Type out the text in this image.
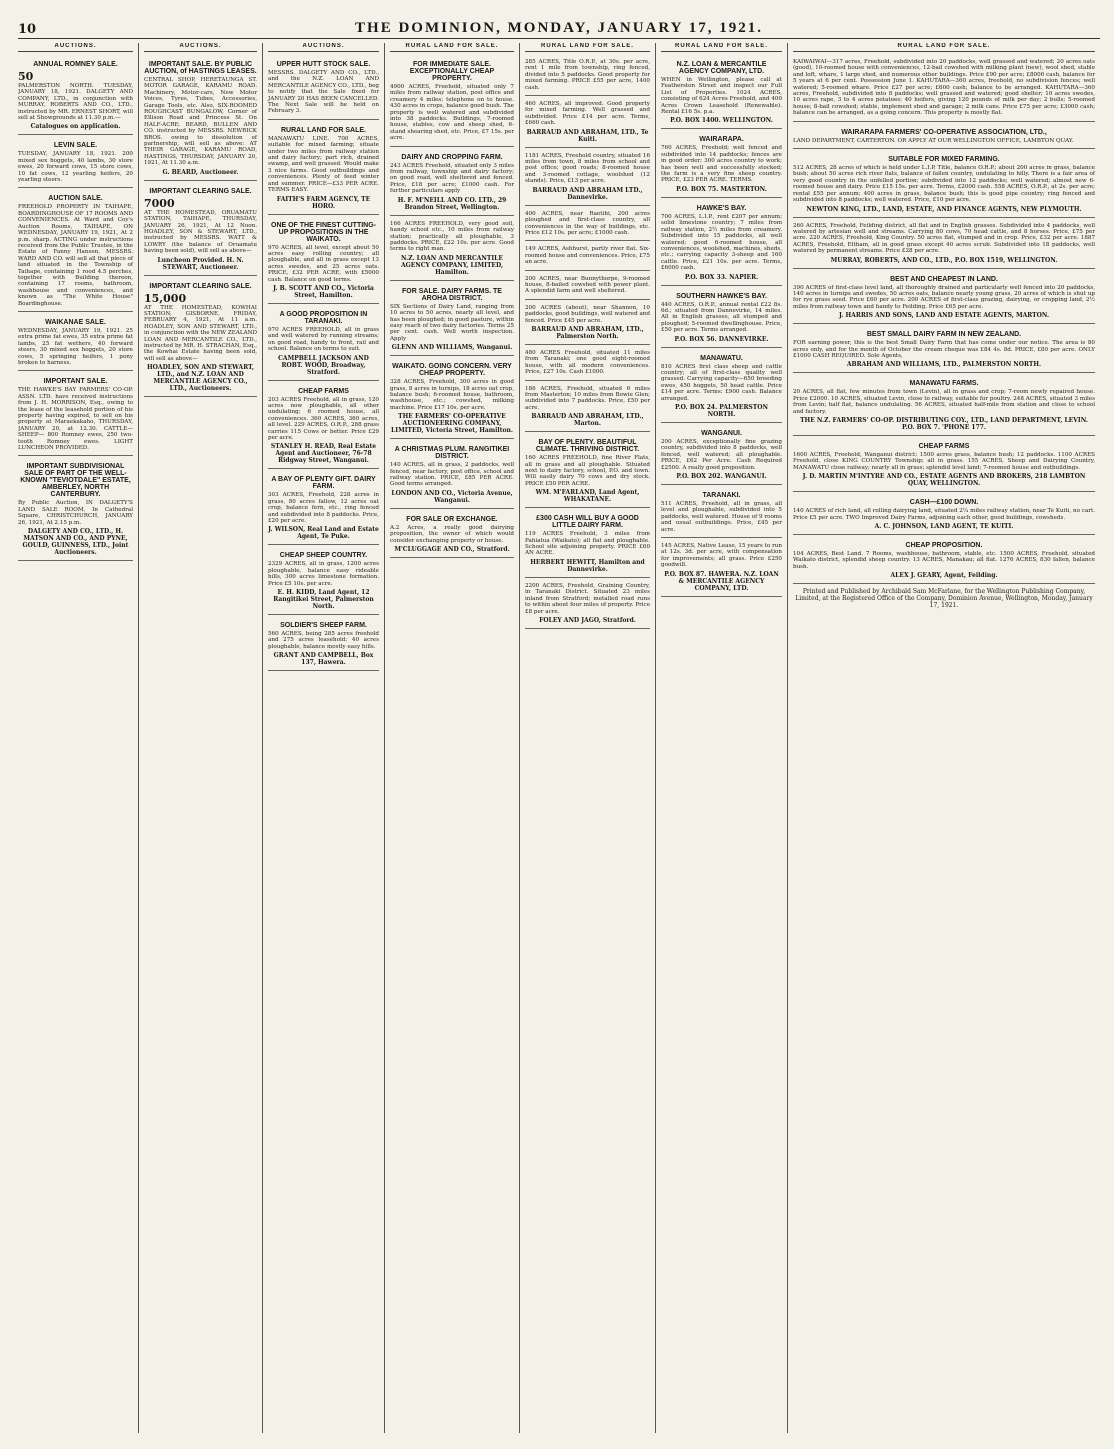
10	THE DOMINION, MONDAY, JANUARY 17, 1921.
AUCTIONS.
ANNUAL ROMNEY SALE.
50
PALMERSTON NORTH. TUESDAY, JANUARY 18, 1921. DALGETY AND COMPANY, LTD., in conjunction with MURRAY, ROBERTS AND CO., LTD., instructed by MR. ERNEST SHORT, will sell at Showgrounds at 11.30 p.m.—
Catalogues on application.
LEVIN SALE.
TUESDAY, JANUARY 18, 1921. 200 mixed sex hoggets, 40 lambs, 30 store ewes, 20 forward cows, 15 store cows, 10 fat cows, 12 yearling heifers, 20 yearling steers.
AUCTION SALE.
FREEHOLD PROPERTY IN TAIHAPE, BOARDINGHOUSE OF 17 ROOMS AND CONVENIENCES. At Ward and Coy's Auction Rooms, TAIHAPE, ON WEDNESDAY, JANUARY 19, 1921, At 2 p.m. sharp. ACTING under instructions received from the Public Trustee, in the Estate of Fanny Hansen, MESSRS. WARD AND CO. will sell all that piece of land situated in the Township of Taihape, containing 1 rood 4.5 perches, together with Building thereon, containing 17 rooms, bathroom, washhouse and conveniences, and known as "The White House" Boardinghouse.
WAIKANAE SALE.
WEDNESDAY, JANUARY 19, 1921. 25 extra prime fat ewes, 35 extra prime fat lambs, 25 fat wethers, 40 forward steers, 30 mixed sex hoggets, 20 store cows, 5 springing heifers, 1 pony broken to harness.
IMPORTANT SALE.
THE HAWKE'S BAY FARMERS' CO-OP. ASSN. LTD. have received instructions from J. H. MORRISON, Esq., owing to the lease of the leasehold portion of his property having expired, to sell on his property at Maraekakaho, THURSDAY, JANUARY 20, at 12.30. CATTLE— SHEEP— 800 Romney ewes, 250 two-tooth Romney ewes. LIGHT LUNCHEON PROVIDED.
IMPORTANT SUBDIVISIONAL SALE OF PART OF THE WELL-KNOWN "TEVIOTDALE" ESTATE, AMBERLEY, NORTH CANTERBURY.
By Public Auction, IN DALGETY'S LAND SALE ROOM, In Cathedral Square, CHRISTCHURCH, JANUARY 26, 1921, At 2.15 p.m.
DALGETY AND CO., LTD., H. MATSON AND CO., AND PYNE, GOULD, GUINNESS, LTD., Joint Auctioneers.
AUCTIONS.
IMPORTANT SALE. BY PUBLIC AUCTION, of HASTINGS LEASES.
CENTRAL SHOP, HERETAUNGA ST. MOTOR GARAGE, KARAMU ROAD. Machinery, Motor-cars, New Motor Voices, Tyres, Tubes, Accessories, Garage Tools, etc. Also, SIX-ROOMED ROUGHCAST BUNGALOW, Corner of Ellison Road and Princess St. On HALF-ACRE. BEARD, BULLEN AND CO. instructed by MESSRS. NEWRICK BROS. owing to dissolution of partnership, will sell as above: AT THEIR GARAGE, KARAMU ROAD, HASTINGS, THURSDAY, JANUARY 20, 1921, At 11.30 a.m.
G. BEARD, Auctioneer.
IMPORTANT CLEARING SALE.
7000
AT THE HOMESTEAD, ORUAMATU STATION, TAIHAPE, THURSDAY, JANUARY 26, 1921, At 12 Noon. HOADLEY, SON & STEWART, LTD., instructed by MESSRS. WATT & LOWRY (the balance of Oruamatu having been sold), will sell as above—
Luncheon Provided. H. N. STEWART, Auctioneer.
IMPORTANT CLEARING SALE.
15,000
AT THE HOMESTEAD, KOWHAI STATION, GISBORNE. FRIDAY, FEBRUARY 4, 1921, At 11 a.m. HOADLEY, SON AND STEWART, LTD., in conjunction with the NEW ZEALAND LOAN AND MERCANTILE CO., LTD., instructed by MR. H. STRACHAN, Esq., the Kowhai Estate having been sold, will sell as above—
HOADLEY, SON AND STEWART, LTD., and N.Z. LOAN AND MERCANTILE AGENCY CO., LTD., Auctioneers.
AUCTIONS.
UPPER HUTT STOCK SALE.
MESSRS. DALGETY AND CO., LTD., and the N.Z. LOAN AND MERCANTILE AGENCY CO., LTD., beg to notify that the Sale fixed for JANUARY 20 HAS BEEN CANCELLED. The Next Sale will be held on February 3.
RURAL LAND FOR SALE.
MANAWATU LINE. 700 ACRES, suitable for mixed farming; situate under two miles from railway station and dairy factory; part rich, drained swamp, and well grassed. Would make 3 nice farms. Good outbuildings and conveniences. Plenty of feed winter and summer. PRICE—£33 PER ACRE. TERMS EASY.
FAITH'S FARM AGENCY, TE HORO.
ONE OF THE FINEST CUTTING-UP PROPOSITIONS IN THE WAIKATO.
970 ACRES, all level, except about 50 acres easy rolling country; all ploughable, and all in grass except 13 acres swedes, and 25 acres oats. PRICE, £32 PER ACRE, with £5000 cash. Balance on good terms.
J. B. SCOTT AND CO., Victoria Street, Hamilton.
A GOOD PROPOSITION IN TARANAKI.
970 ACRES FREEHOLD, all in grass and well watered by running streams; on good road, handy to front, rail and school. Balance on terms to suit.
CAMPBELL JACKSON AND ROBT. WOOD, Broadway, Stratford.
CHEAP FARMS
203 ACRES Freehold, all in grass, 120 acres now ploughable, all other undulating; 6 roomed house, all conveniences. 360 ACRES, 360 acres, all level. 229 ACRES, O.R.P., 288 grass carries 115 Cows or better. Price £29 per acre.
STANLEY H. READ, Real Estate Agent and Auctioneer, 76-78 Ridgway Street, Wanganui.
A BAY OF PLENTY GIFT. DAIRY FARM.
303 ACRES, Freehold, 228 acres in grass, 80 acres fallow, 12 acres oat crop, balance fern, etc., ring fenced and subdivided into 8 paddocks. Price, £20 per acre.
J. WILSON, Real Land and Estate Agent, Te Puke.
CHEAP SHEEP COUNTRY.
2329 ACRES, all in grass, 1200 acres ploughable, balance easy rideable hills, 300 acres limestone formation. Price £5 10s. per acre.
E. H. KIDD, Land Agent, 12 Rangitikei Street, Palmerston North.
SOLDIER'S SHEEP FARM.
560 ACRES, being 285 acres freehold and 275 acres leasehold; 40 acres ploughable, balance mostly easy hills.
GRANT AND CAMPBELL, Box 137, Hawera.
RURAL LAND FOR SALE.
FOR IMMEDIATE SALE. EXCEPTIONALLY CHEAP PROPERTY.
4900 ACRES, Freehold, situated only 7 miles from railway station, post office and creamery 4 miles; telephone on to house. 430 acres in crops, balance good bush. The property is well watered and subdivided into 38 paddocks. Buildings, 7-roomed house, stables, cow and sheep shed, 6-stand shearing shed, etc. Price, £7 15s. per acre.
DAIRY AND CROPPING FARM.
243 ACRES Freehold, situated only 3 miles from railway, township and dairy factory; on good road, well sheltered and fenced. Price, £18 per acre; £1000 cash. For further particulars apply
H. F. M'NEILL AND CO. LTD., 29 Brandon Street, Wellington.
166 ACRES FREEHOLD, very good soil, handy school etc., 10 miles from railway station; practically all ploughable, 3 paddocks. PRICE, £22 10s. per acre. Good terms to right man.
N.Z. LOAN AND MERCANTILE AGENCY COMPANY, LIMITED, Hamilton.
FOR SALE. DAIRY FARMS. TE AROHA DISTRICT.
SIX Sections of Dairy Land, ranging from 10 acres to 50 acres, nearly all level, and has been ploughed; in good pasture, within easy reach of two dairy factories. Terms 25 per cent. cash. Well worth inspection. Apply
GLENN AND WILLIAMS, Wanganui.
WAIKATO. GOING CONCERN. VERY CHEAP PROPERTY.
328 ACRES, Freehold, 300 acres in good grass, 8 acres in turnips, 18 acres oat crop, balance bush; 6-roomed house, bathroom, washhouse, etc.; cowshed, milking machine. Price £17 10s. per acre.
THE FARMERS' CO-OPERATIVE AUCTIONEERING COMPANY, LIMITED, Victoria Street, Hamilton.
A CHRISTMAS PLUM. RANGITIKEI DISTRICT.
140 ACRES, all in grass, 2 paddocks, well fenced, near factory, post office, school and railway station. PRICE, £85 PER ACRE. Good terms arranged.
LONDON AND CO., Victoria Avenue, Wanganui.
FOR SALE OR EXCHANGE.
A.2 Acres, a really good dairying proposition, the owner of which would consider exchanging property or house.
M'CLUGGAGE AND CO., Stratford.
RURAL LAND FOR SALE.
285 ACRES, Title O.R.P., at 30s. per acre, rent 1 mile from township, ring fenced, divided into 5 paddocks. Good property for mixed farming. PRICE £55 per acre, 1400 cash.
460 ACRES, all improved. Good property for mixed farming. Well grassed and subdivided. Price £14 per acre. Terms, £660 cash.
BARRAUD AND ABRAHAM, LTD., Te Kuiti.
1181 ACRES, Freehold country, situated 16 miles from town, 8 miles from school and post office; good roads; 8-roomed house and 3-roomed cottage, woolshed (12 stands). Price, £13 per acre.
BARRAUD AND ABRAHAM LTD., Dannevirke.
400 ACRES, near Raetihi, 200 acres ploughed and first-class country, all conveniences in the way of buildings, etc. Price £12 10s. per acre; £1000 cash.
149 ACRES, Ashhurst, partly river flat. Six-roomed house and conveniences. Price, £75 an acre.
200 ACRES, near Bunnythorpe, 9-roomed house, 8-bailed cowshed with power plant. A splendid farm and well sheltered.
200 ACRES (about), near Shannon, 10 paddocks, good buildings, well watered and fenced. Price £45 per acre.
BARRAUD AND ABRAHAM, LTD., Palmerston North.
480 ACRES Freehold, situated 11 miles from Taranaki; one good eight-roomed house, with all modern conveniences. Price, £27 10s. Cash £1000.
186 ACRES, Freehold, situated 6 miles from Masterton; 10 miles from Bowie Glen; subdivided into 7 paddocks. Price, £50 per acre.
BARRAUD AND ABRAHAM, LTD., Marton.
BAY OF PLENTY. BEAUTIFUL CLIMATE. THRIVING DISTRICT.
160 ACRES FREEHOLD, fine River Flats, all in grass and all ploughable. Situated next to dairy factory, school, P.O. and town. Will easily dairy 70 cows and dry stock. PRICE £50 PER ACRE.
WM. M'FARLAND, Land Agent, WHAKATANE.
£300 CASH WILL BUY A GOOD LITTLE DAIRY FARM.
119 ACRES Freehold, 3 miles from Pahiatua (Waikato); all flat and ploughable. School site adjoining property. PRICE £60 AN ACRE.
HERBERT HEWITT, Hamilton and Dannevirke.
2200 ACRES, Freehold, Graining Country, in Taranaki District. Situated 23 miles inland from Stratford; metalled road runs to within about four miles of property. Price £8 per acre.
FOLEY AND JAGO, Stratford.
RURAL LAND FOR SALE.
N.Z. LOAN & MERCANTILE AGENCY COMPANY, LTD.
WHEN in Wellington, please call at Featherston Street and inspect our Full List of Properties. 1024 ACRES, consisting of 624 Acres Freehold, and 400 Acres Crown Leasehold (Renewable). Rental £16 5s. p.a.
P.O. BOX 1400. WELLINGTON.
WAIRARAPA.
760 ACRES, Freehold; well fenced and subdivided into 14 paddocks; fences are in good order; 300 acres country to work; has been well and successfully stocked; the farm is a very fine sheep country. PRICE, £23 PER ACRE. TERMS.
P.O. BOX 75. MASTERTON.
HAWKE'S BAY.
700 ACRES, L.I.P., rent £207 per annum; solid limestone country; 7 miles from railway station, 2½ miles from creamery. Subdivided into 15 paddocks, all well watered; good 6-roomed house, all conveniences, woolshed, machines, sheds, etc.; carrying capacity 3-sheep and 160 cattle. Price, £21 10s. per acre. Terms, £6000 cash.
P.O. BOX 33. NAPIER.
SOUTHERN HAWKE'S BAY.
440 ACRES, O.R.P., annual rental £22 8s. 6d.; situated from Dannevirke, 14 miles. All in English grasses, all stumped and ploughed; 5-roomed dwellinghouse. Price, £50 per acre. Terms arranged.
P.O. BOX 56. DANNEVIRKE.
MANAWATU.
810 ACRES first class sheep and cattle country; all of first-class quality well grassed. Carrying capacity—650 breeding ewes, 450 hoggets, 50 head cattle. Price £14 per acre. Terms: £900 cash. Balance arranged.
P.O. BOX 24. PALMERSTON NORTH.
WANGANUI.
200 ACRES, exceptionally fine grazing country, subdivided into 8 paddocks, well fenced, well watered; all ploughable. PRICE, £62 Per Acre. Cash Required £2500. A really good proposition.
P.O. BOX 202. WANGANUI.
TARANAKI.
511 ACRES, Freehold, all in grass, all level and ploughable, subdivided into 5 paddocks, well watered. House of 9 rooms and usual outbuildings. Price, £45 per acre.
145 ACRES, Native Lease, 15 years to run at 12s. 3d. per acre, with compensation for improvements; all grass. Price £250 goodwill.
P.O. BOX 87. HAWERA. N.Z. LOAN & MERCANTILE AGENCY COMPANY, LTD.
RURAL LAND FOR SALE.
KAIWAIWAI—317 acres, Freehold, subdivided into 20 paddocks, well grassed and watered; 20 acres oats (good), 10-roomed house with conveniences, 12-bail cowshed with milking plant (new), wool shed, stable and loft, whare, 1 large shed, and numerous other buildings. Price £90 per acre; £8000 cash, balance for 5 years at 6 per cent. Possession June 1. KAHUTARA—360 acres, freehold, no subdivision fences; well watered; 5-roomed whare. Price £27 per acre; £600 cash; balance to be arranged. KAHUTARA—360 acres, Freehold, subdivided into 8 paddocks; well grassed and watered; good shelter; 10 acres swedes, 10 acres rape, 3 to 4 acres potatoes; 40 heifers, giving 120 pounds of milk per day; 2 bulls; 5-roomed house; 8-bail cowshed; stable, implement shed and garage; 2 milk cans. Price £75 per acre; £3000 cash; balance can be arranged, as a going concern. This property is mostly flat.
WAIRARAPA FARMERS' CO-OPERATIVE ASSOCIATION, LTD.,
LAND DEPARTMENT, CARTERTON. OR APPLY AT OUR WELLINGTON OFFICE, LAMBTON QUAY.
SUITABLE FOR MIXED FARMING.
512 ACRES, 28 acres of which is held under L.I.P. Title, balance O.R.P.; about 200 acres in grass, balance bush; about 50 acres rich river flats, balance of fallen country, undulating to hilly. There is a fair area of very good country in the unfelled portion; subdivided into 12 paddocks; well watered; almost new 6-roomed house and dairy. Price £15 15s. per acre. Terms, £2000 cash. 558 ACRES, O.R.P., at 2s. per acre; rental £55 per annum; 400 acres in grass, balance bush; this is good pipe country; ring fenced and subdivided into 8 paddocks; well watered. Price, £10 per acre.
NEWTON KING, LTD., LAND, ESTATE, AND FINANCE AGENTS, NEW PLYMOUTH.
260 ACRES, Freehold, Feilding district, all flat and in English grasses. Subdivided into 4 paddocks, well watered by artesian well and streams. Carrying 80 cows, 70 head cattle, and 8 horses. Price, £75 per acre. 220 ACRES, Freehold, King Country. 50 acres flat, stumped and in crop. Price, £32 per acre. 1887 ACRES, Freehold, Eltham, all in good grass except 40 acres scrub. Subdivided into 18 paddocks, well watered by permanent streams. Price £28 per acre.
MURRAY, ROBERTS, AND CO., LTD., P.O. BOX 1519, WELLINGTON.
BEST AND CHEAPEST IN LAND.
390 ACRES of first-class level land, all thoroughly drained and particularly well fenced into 20 paddocks, 140 acres in turnips and swedes, 50 acres oats, balance nearly young grass, 20 acres of which is shut up for rye grass seed. Price £60 per acre. 200 ACRES of first-class grazing, dairying, or cropping land, 2½ miles from railway town and handy to Feilding. Price £65 per acre.
J. HARRIS AND SONS, LAND AND ESTATE AGENTS, MARTON.
BEST SMALL DAIRY FARM IN NEW ZEALAND.
FOR earning power, this is the best Small Dairy Farm that has come under our notice. The area is 80 acres only, and for the month of October the cream cheque was £84 4s. 8d. PRICE, £80 per acre. ONLY £1000 CASH REQUIRED. Sole Agents,
ABRAHAM AND WILLIAMS, LTD., PALMERSTON NORTH.
MANAWATU FARMS.
20 ACRES, all flat, few minutes from town (Levin), all in grass and crop; 7-room newly repaired house. Price £2000. 10 ACRES, situated Levin, close to railway, suitable for poultry. 248 ACRES, situated 3 miles from Levin; half flat, balance undulating. 56 ACRES, situated half-mile from station and close to school and factory.
THE N.Z. FARMERS' CO-OP. DISTRIBUTING COY., LTD., LAND DEPARTMENT, LEVIN. P.O. BOX 7. 'PHONE 177.
CHEAP FARMS
1600 ACRES, Freehold, Wanganui district; 1500 acres grass, balance bush; 12 paddocks. 1100 ACRES Freehold, close KING COUNTRY Township; all in grass. 155 ACRES, Sheep and Dairying Country, MANAWATU close railway; nearly all in grass; splendid level land; 7-roomed house and outbuildings.
J. D. MARTIN M'INTYRE AND CO., ESTATE AGENTS AND BROKERS, 218 LAMBTON QUAY, WELLINGTON.
CASH—£100 DOWN.
140 ACRES of rich land, all rolling dairying land, situated 2¼ miles railway station, near Te Kuiti, no cart. Price £5 per acre. TWO Improved Dairy Farms, adjoining each other, good buildings, cowsheds.
A. C. JOHNSON, LAND AGENT, TE KUITI.
CHEAP PROPOSITION.
104 ACRES, Best Land. 7 Rooms, washhouse, bathroom, stable, etc. 1500 ACRES, Freehold, situated Waikato district, splendid sheep country. 13 ACRES, Manakau; all flat. 1276 ACRES, 830 fallen, balance bush.
ALEX J. GEARY, Agent, Feilding.
Printed and Published by Archibald Sam McFarlane, for the Wellington Publishing Company, Limited, at the Registered Office of the Company, Dominion Avenue, Wellington, Monday, January 17, 1921.
